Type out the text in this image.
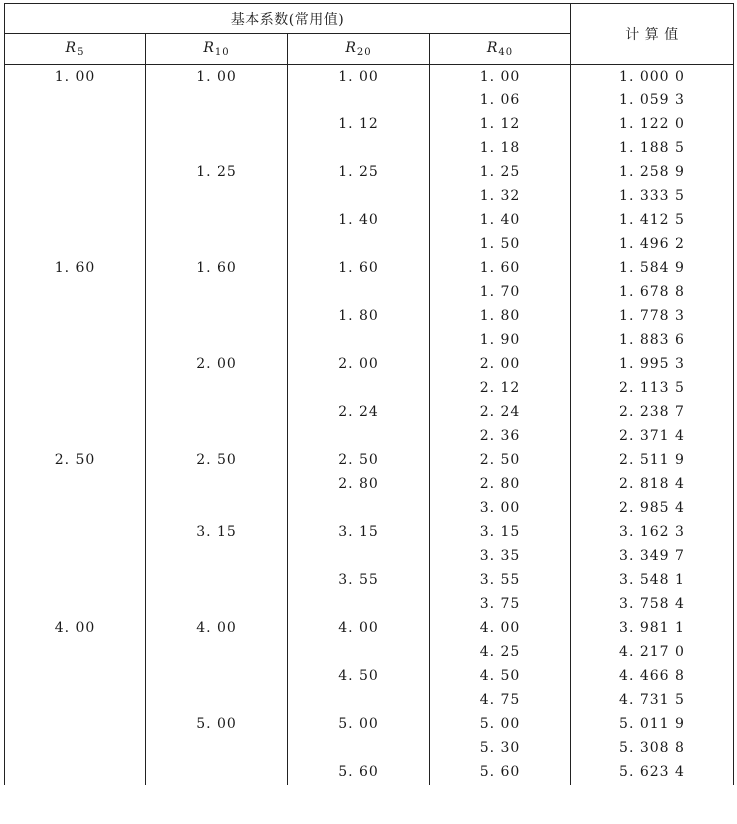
基本系数(常用值)				计 算 值
$R_5$	$R_{10}$	$R_{20}$	$R_{40}$
1. 00	1. 00	1. 00	1. 00	1. 000 0
			1. 06	1. 059 3
		1. 12	1. 12	1. 122 0
			1. 18	1. 188 5
	1. 25	1. 25	1. 25	1. 258 9
			1. 32	1. 333 5
		1. 40	1. 40	1. 412 5
			1. 50	1. 496 2
1. 60	1. 60	1. 60	1. 60	1. 584 9
			1. 70	1. 678 8
		1. 80	1. 80	1. 778 3
			1. 90	1. 883 6
	2. 00	2. 00	2. 00	1. 995 3
			2. 12	2. 113 5
		2. 24	2. 24	2. 238 7
			2. 36	2. 371 4
2. 50	2. 50	2. 50	2. 50	2. 511 9
		2. 80	2. 80	2. 818 4
			3. 00	2. 985 4
	3. 15	3. 15	3. 15	3. 162 3
			3. 35	3. 349 7
		3. 55	3. 55	3. 548 1
			3. 75	3. 758 4
4. 00	4. 00	4. 00	4. 00	3. 981 1
			4. 25	4. 217 0
		4. 50	4. 50	4. 466 8
			4. 75	4. 731 5
	5. 00	5. 00	5. 00	5. 011 9
			5. 30	5. 308 8
		5. 60	5. 60	5. 623 4
